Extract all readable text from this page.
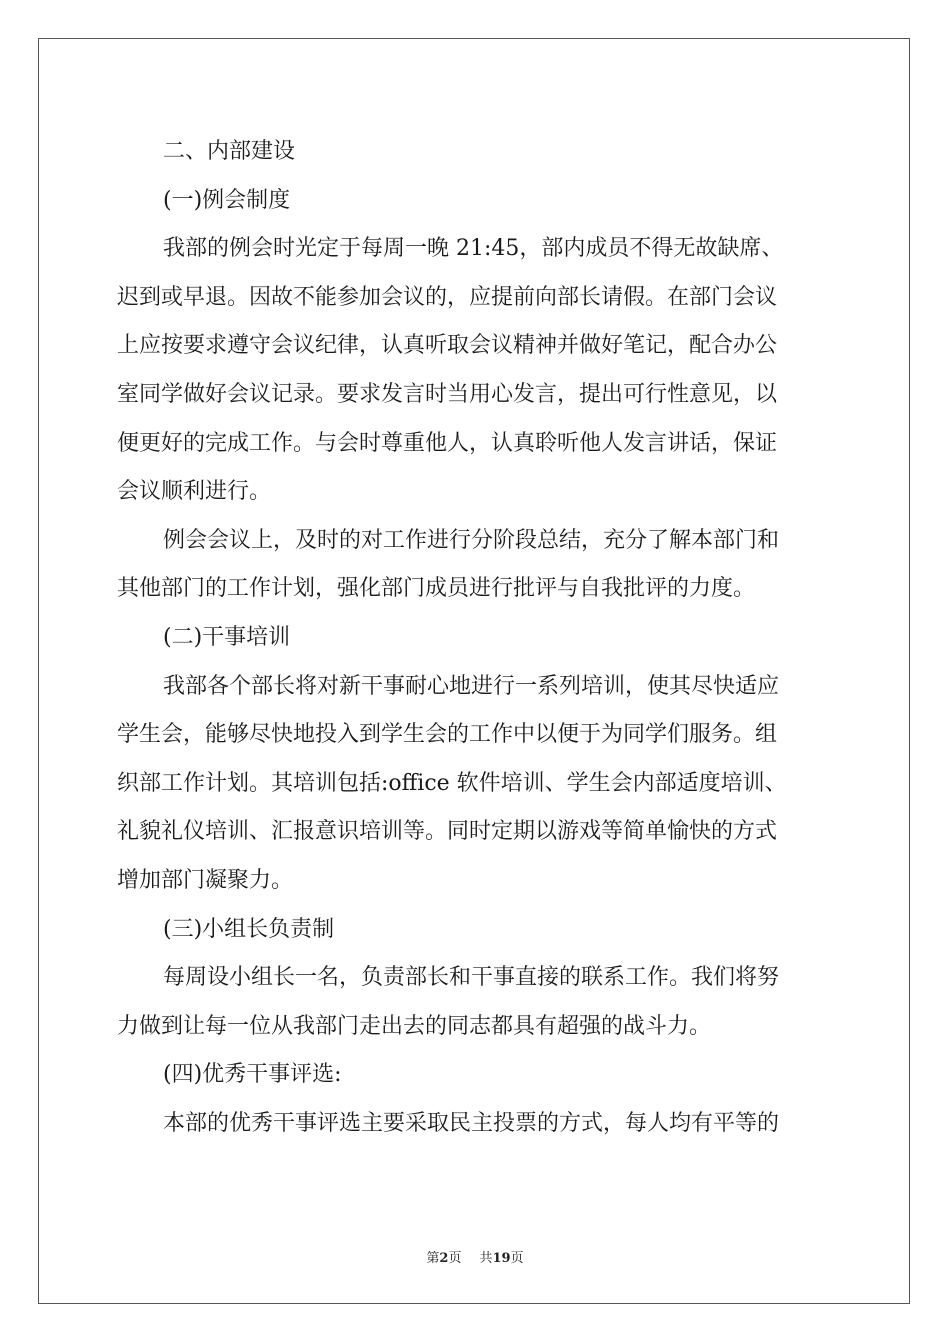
二、内部建设
(一)例会制度
我部的例会时光定于每周一晚 21:45，部内成员不得无故缺席、
迟到或早退。因故不能参加会议的，应提前向部长请假。在部门会议
上应按要求遵守会议纪律，认真听取会议精神并做好笔记，配合办公
室同学做好会议记录。要求发言时当用心发言，提出可行性意见，以
便更好的完成工作。与会时尊重他人，认真聆听他人发言讲话，保证
会议顺利进行。
例会会议上，及时的对工作进行分阶段总结，充分了解本部门和
其他部门的工作计划，强化部门成员进行批评与自我批评的力度。
(二)干事培训
我部各个部长将对新干事耐心地进行一系列培训，使其尽快适应
学生会，能够尽快地投入到学生会的工作中以便于为同学们服务。组
织部工作计划。其培训包括:office 软件培训、学生会内部适度培训、
礼貌礼仪培训、汇报意识培训等。同时定期以游戏等简单愉快的方式
增加部门凝聚力。
(三)小组长负责制
每周设小组长一名，负责部长和干事直接的联系工作。我们将努
力做到让每一位从我部门走出去的同志都具有超强的战斗力。
(四)优秀干事评选:
本部的优秀干事评选主要采取民主投票的方式，每人均有平等的
第2页 共19页
